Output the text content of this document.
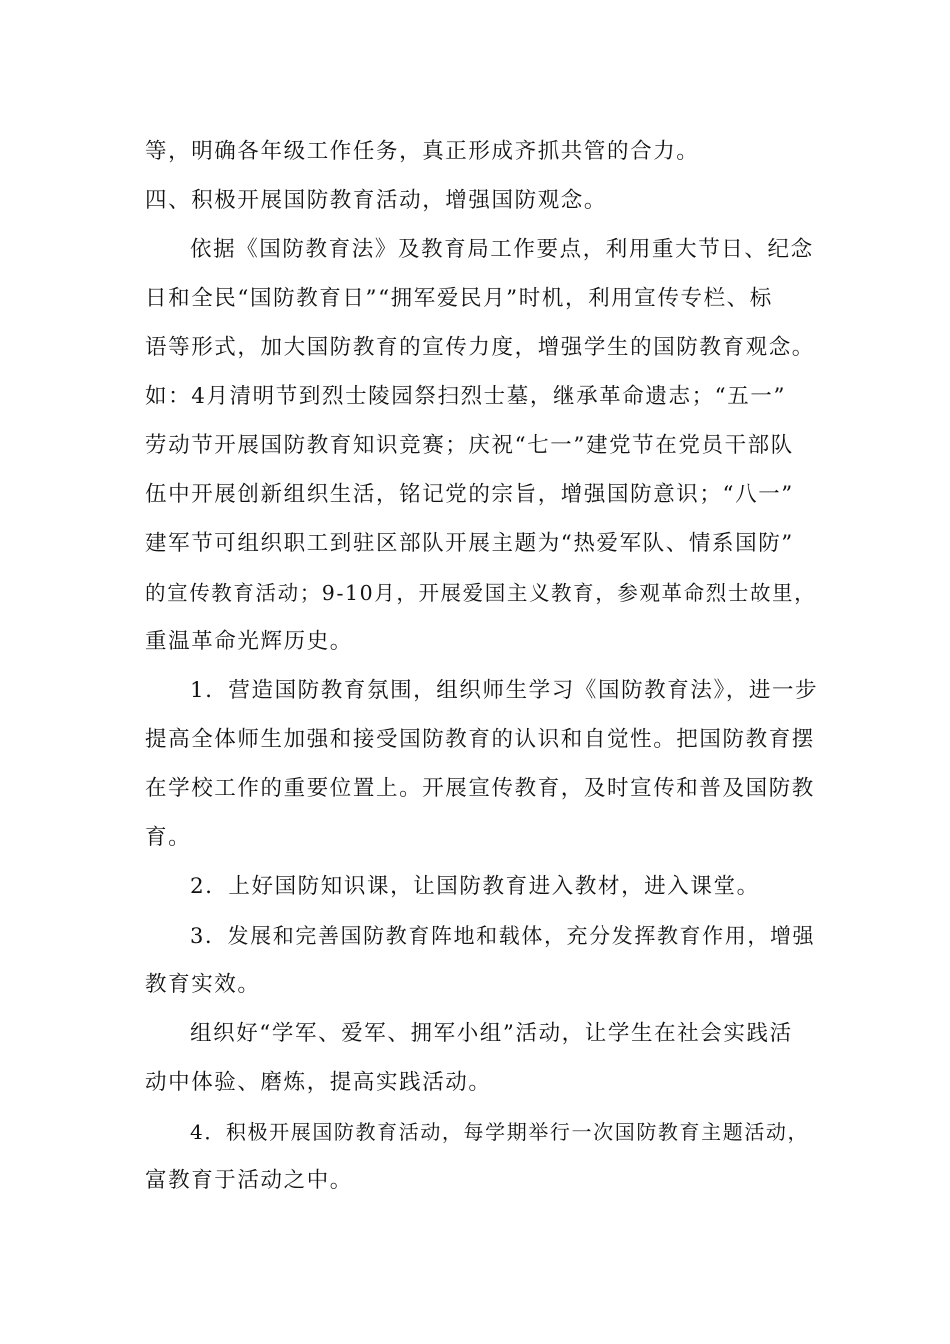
等，明确各年级工作任务，真正形成齐抓共管的合力。
四、积极开展国防教育活动，增强国防观念。
依据《国防教育法》及教育局工作要点，利用重大节日、纪念
日和全民“国防教育日”“拥军爱民月”时机，利用宣传专栏、标
语等形式，加大国防教育的宣传力度，增强学生的国防教育观念。
如：4月清明节到烈士陵园祭扫烈士墓，继承革命遗志；“五一”
劳动节开展国防教育知识竞赛；庆祝“七一”建党节在党员干部队
伍中开展创新组织生活，铭记党的宗旨，增强国防意识；“八一”
建军节可组织职工到驻区部队开展主题为“热爱军队、情系国防”
的宣传教育活动；9-10月，开展爱国主义教育，参观革命烈士故里，
重温革命光辉历史。
1．营造国防教育氛围，组织师生学习《国防教育法》，进一步
提高全体师生加强和接受国防教育的认识和自觉性。把国防教育摆
在学校工作的重要位置上。开展宣传教育，及时宣传和普及国防教
育。
2．上好国防知识课，让国防教育进入教材，进入课堂。
3．发展和完善国防教育阵地和载体，充分发挥教育作用，增强
教育实效。
组织好“学军、爱军、拥军小组”活动，让学生在社会实践活
动中体验、磨炼，提高实践活动。
4．积极开展国防教育活动，每学期举行一次国防教育主题活动，
富教育于活动之中。
